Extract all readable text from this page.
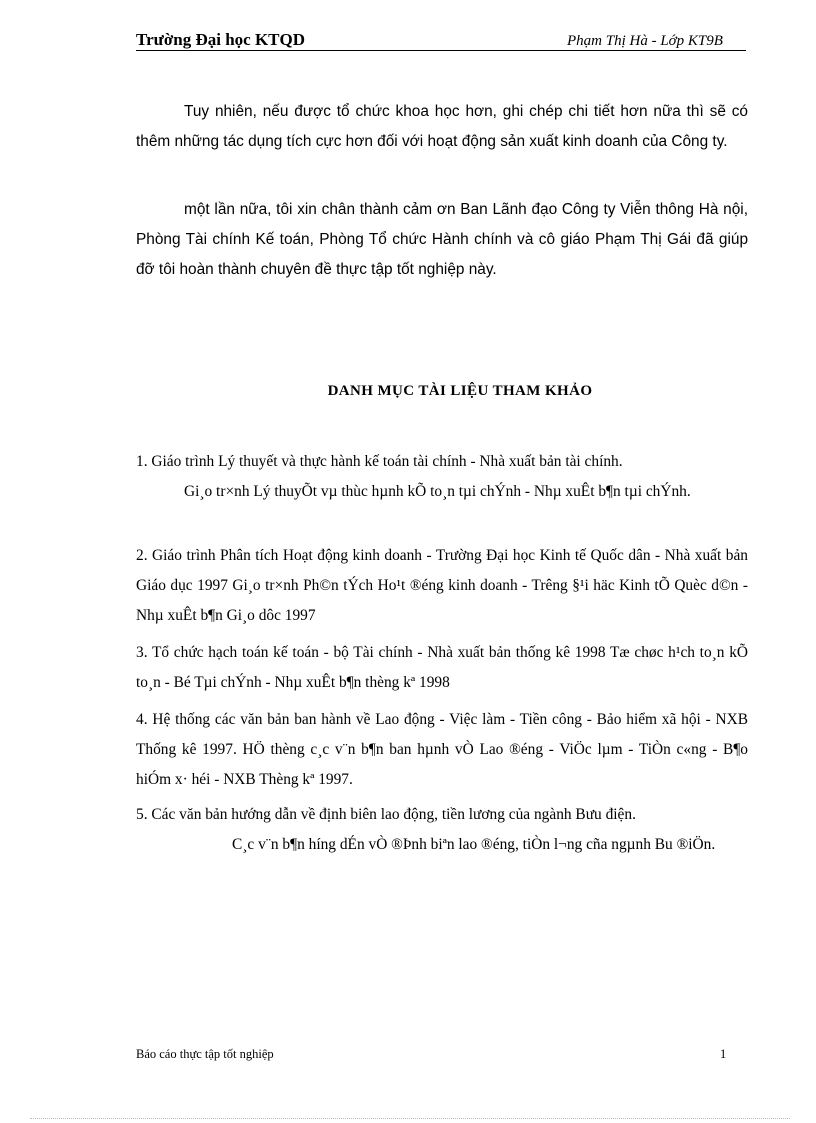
Trường Đại học KTQD	Phạm Thị Hà - Lớp KT9B

Tuy nhiên, nếu được tổ chức khoa học hơn, ghi chép chi tiết hơn nữa thì sẽ có thêm những tác dụng tích cực hơn đối với hoạt động sản xuất kinh doanh của Công ty.

một lần nữa, tôi xin chân thành cảm ơn Ban Lãnh đạo Công ty Viễn thông Hà nội, Phòng Tài chính Kế toán, Phòng Tổ chức Hành chính và cô giáo Phạm Thị Gái đã giúp đỡ tôi hoàn thành chuyên đề thực tập tốt nghiệp này.

DANH MỤC TÀI LIỆU THAM KHẢO

1. Giáo trình Lý thuyết và thực hành kế toán tài chính - Nhà xuất bản tài chính.
Gi¸o tr×nh Lý thuyÕt vµ thùc hµnh kÕ to¸n tµi chÝnh - Nhµ xuÊt b¶n tµi chÝnh.

2. Giáo trình Phân tích Hoạt động kinh doanh - Trường Đại học Kinh tế Quốc dân - Nhà xuất bản Giáo dục 1997 Gi¸o tr×nh Ph©n tÝch Ho¹t ®éng kinh doanh - Trêng §¹i häc Kinh tÕ Quèc d©n - Nhµ xuÊt b¶n Gi¸o dôc 1997

3. Tổ chức hạch toán kế toán - bộ Tài chính - Nhà xuất bản thống kê 1998 Tæ chøc h¹ch to¸n kÕ to¸n - Bé Tµi chÝnh - Nhµ xuÊt b¶n thèng kª 1998

4. Hệ thống các văn bản ban hành về Lao động - Việc làm - Tiền công - Bảo hiểm xã hội - NXB Thống kê 1997. HÖ thèng c¸c v¨n b¶n ban hµnh vÒ Lao ®éng - ViÖc lµm - TiÒn c«ng - B¶o hiÓm x· héi - NXB Thèng kª 1997.

5. Các văn bản hướng dẫn về định biên lao động, tiền lương của ngành Bưu điện.

C¸c v¨n b¶n híng dÉn vÒ ®Þnh biªn lao ®éng, tiÒn l¬ng cña ngµnh Bu ®iÖn.

Báo cáo thực tập tốt nghiệp	1
